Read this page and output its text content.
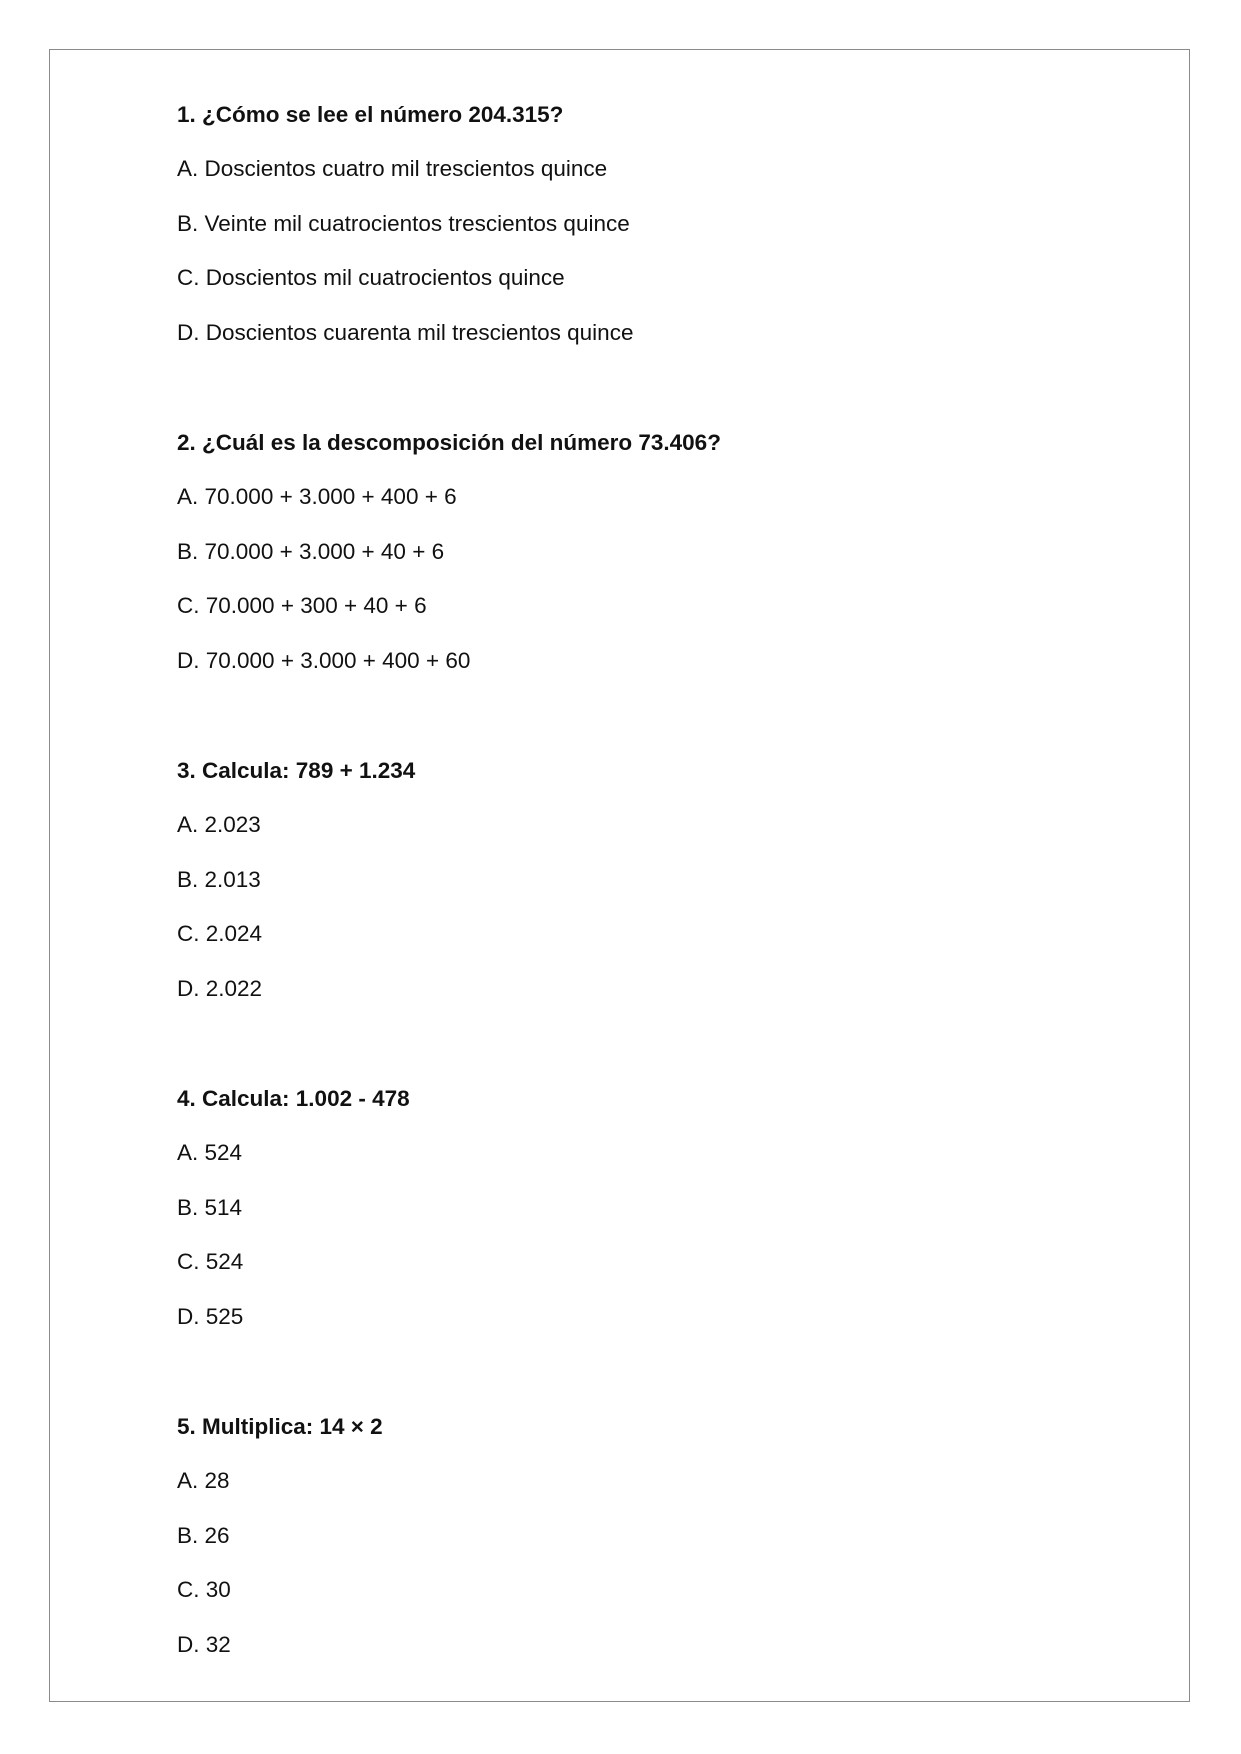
1. ¿Cómo se lee el número 204.315?
A. Doscientos cuatro mil trescientos quince
B. Veinte mil cuatrocientos trescientos quince
C. Doscientos mil cuatrocientos quince
D. Doscientos cuarenta mil trescientos quince
2. ¿Cuál es la descomposición del número 73.406?
A. 70.000 + 3.000 + 400 + 6
B. 70.000 + 3.000 + 40 + 6
C. 70.000 + 300 + 40 + 6
D. 70.000 + 3.000 + 400 + 60
3. Calcula: 789 + 1.234
A. 2.023
B. 2.013
C. 2.024
D. 2.022
4. Calcula: 1.002 - 478
A. 524
B. 514
C. 524
D. 525
5. Multiplica: 14 × 2
A. 28
B. 26
C. 30
D. 32
